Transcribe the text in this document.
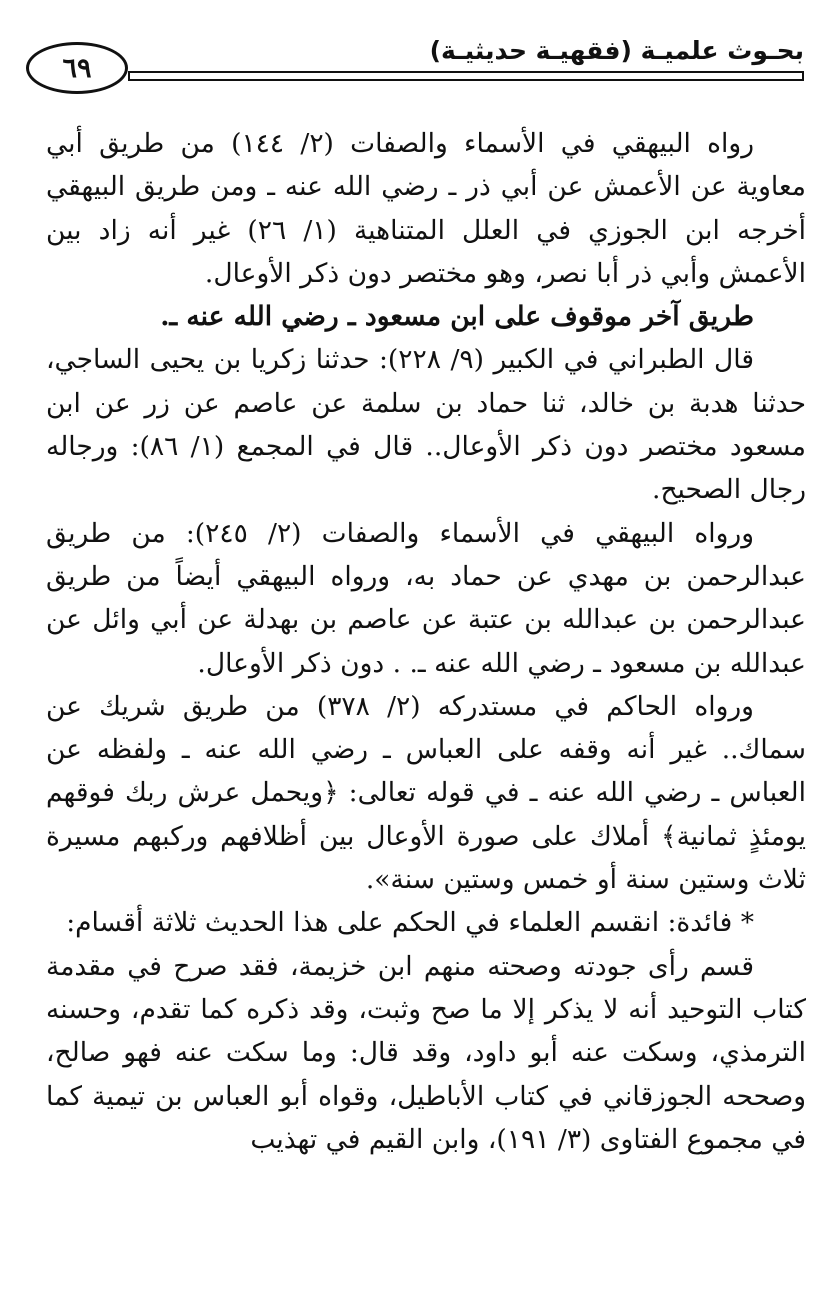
بحـوث علميـة (فقهيـة حديثيـة)
٦٩

رواه البيهقي في الأسماء والصفات (٢/ ١٤٤) من طريق أبي معاوية عن الأعمش عن أبي ذر ـ رضي الله عنه ـ ومن طريق البيهقي أخرجه ابن الجوزي في العلل المتناهية (١/ ٢٦) غير أنه زاد بين الأعمش وأبي ذر أبا نصر، وهو مختصر دون ذكر الأوعال.

طريق آخر موقوف على ابن مسعود ـ رضي الله عنه ـ.

قال الطبراني في الكبير (٩/ ٢٢٨): حدثنا زكريا بن يحيى الساجي، حدثنا هدبة بن خالد، ثنا حماد بن سلمة عن عاصم عن زر عن ابن مسعود مختصر دون ذكر الأوعال.. قال في المجمع (١/ ٨٦): ورجاله رجال الصحيح.

ورواه البيهقي في الأسماء والصفات (٢/ ٢٤٥): من طريق عبدالرحمن بن مهدي عن حماد به، ورواه البيهقي أيضاً من طريق عبدالرحمن بن عبدالله بن عتبة عن عاصم بن بهدلة عن أبي وائل عن عبدالله بن مسعود ـ رضي الله عنه ـ. . دون ذكر الأوعال.

ورواه الحاكم في مستدركه (٢/ ٣٧٨) من طريق شريك عن سماك.. غير أنه وقفه على العباس ـ رضي الله عنه ـ ولفظه عن العباس ـ رضي الله عنه ـ في قوله تعالى: ﴿ويحمل عرش ربك فوقهم يومئذٍ ثمانية﴾ أملاك على صورة الأوعال بين أظلافهم وركبهم مسيرة ثلاث وستين سنة أو خمس وستين سنة».

* فائدة: انقسم العلماء في الحكم على هذا الحديث ثلاثة أقسام:

قسم رأى جودته وصحته منهم ابن خزيمة، فقد صرح في مقدمة كتاب التوحيد أنه لا يذكر إلا ما صح وثبت، وقد ذكره كما تقدم، وحسنه الترمذي، وسكت عنه أبو داود، وقد قال: وما سكت عنه فهو صالح، وصححه الجوزقاني في كتاب الأباطيل، وقواه أبو العباس بن تيمية كما في مجموع الفتاوى (٣/ ١٩١)، وابن القيم في تهذيب
